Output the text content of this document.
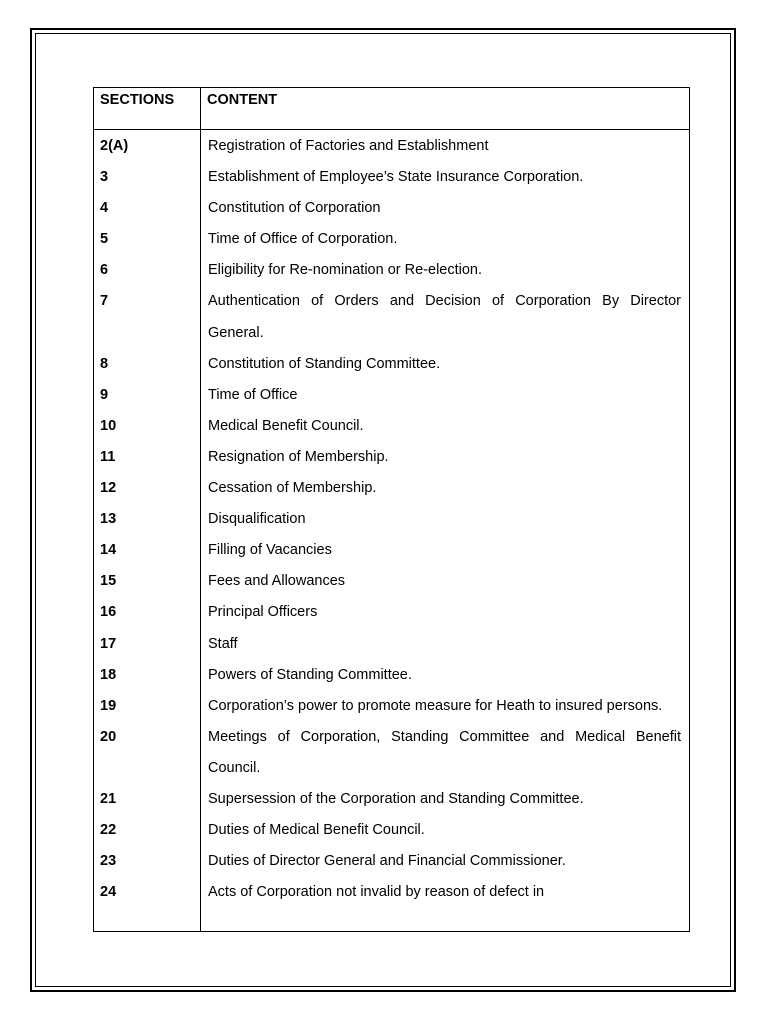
SECTIONS CONTENT
2(A)	Registration of Factories and Establishment
3	Establishment of Employee’s State Insurance Corporation.
4	Constitution of Corporation
5	Time of Office of Corporation.
6	Eligibility for Re-nomination or Re-election.
7	Authentication of Orders and Decision of Corporation By Director General.
8	Constitution of Standing Committee.
9	Time of Office
10	Medical Benefit Council.
11	Resignation of Membership.
12	Cessation of Membership.
13	Disqualification
14	Filling of Vacancies
15	Fees and Allowances
16	Principal Officers
17	Staff
18	Powers of Standing Committee.
19	Corporation’s power to promote measure for Heath to insured persons.
20	Meetings of Corporation, Standing Committee and Medical Benefit Council.
21	Supersession of the Corporation and Standing Committee.
22	Duties of Medical Benefit Council.
23	Duties of Director General and Financial Commissioner.
24	Acts of Corporation not invalid by reason of defect in
